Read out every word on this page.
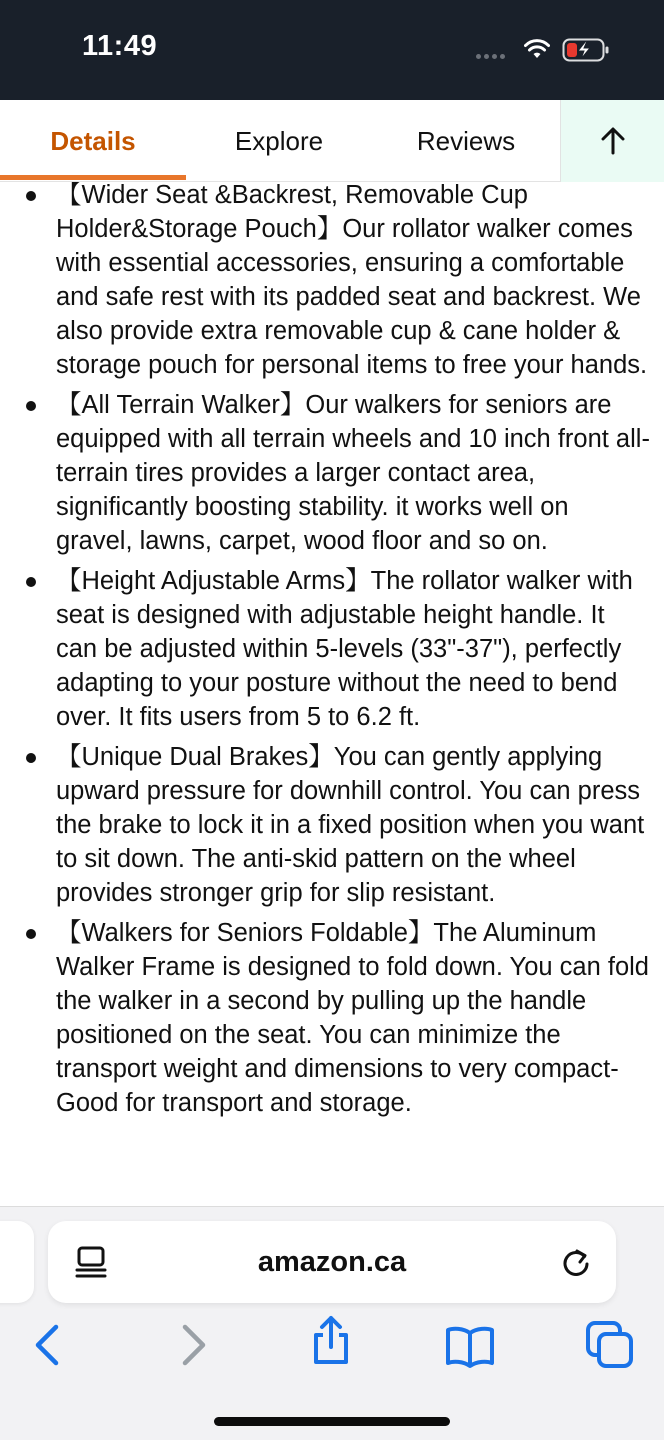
11:49
Details	Explore	Reviews
【Wider Seat &Backrest, Removable Cup Holder&Storage Pouch】Our rollator walker comes with essential accessories, ensuring a comfortable and safe rest with its padded seat and backrest. We also provide extra removable cup & cane holder & storage pouch for personal items to free your hands.
【All Terrain Walker】Our walkers for seniors are equipped with all terrain wheels and 10 inch front all-terrain tires provides a larger contact area, significantly boosting stability. it works well on gravel, lawns, carpet, wood floor and so on.
【Height Adjustable Arms】The rollator walker with seat is designed with adjustable height handle. It can be adjusted within 5-levels (33"-37"), perfectly adapting to your posture without the need to bend over. It fits users from 5 to 6.2 ft.
【Unique Dual Brakes】You can gently applying upward pressure for downhill control. You can press the brake to lock it in a fixed position when you want to sit down. The anti-skid pattern on the wheel provides stronger grip for slip resistant.
【Walkers for Seniors Foldable】The Aluminum Walker Frame is designed to fold down. You can fold the walker in a second by pulling up the handle positioned on the seat. You can minimize the transport weight and dimensions to very compact- Good for transport and storage.
amazon.ca
